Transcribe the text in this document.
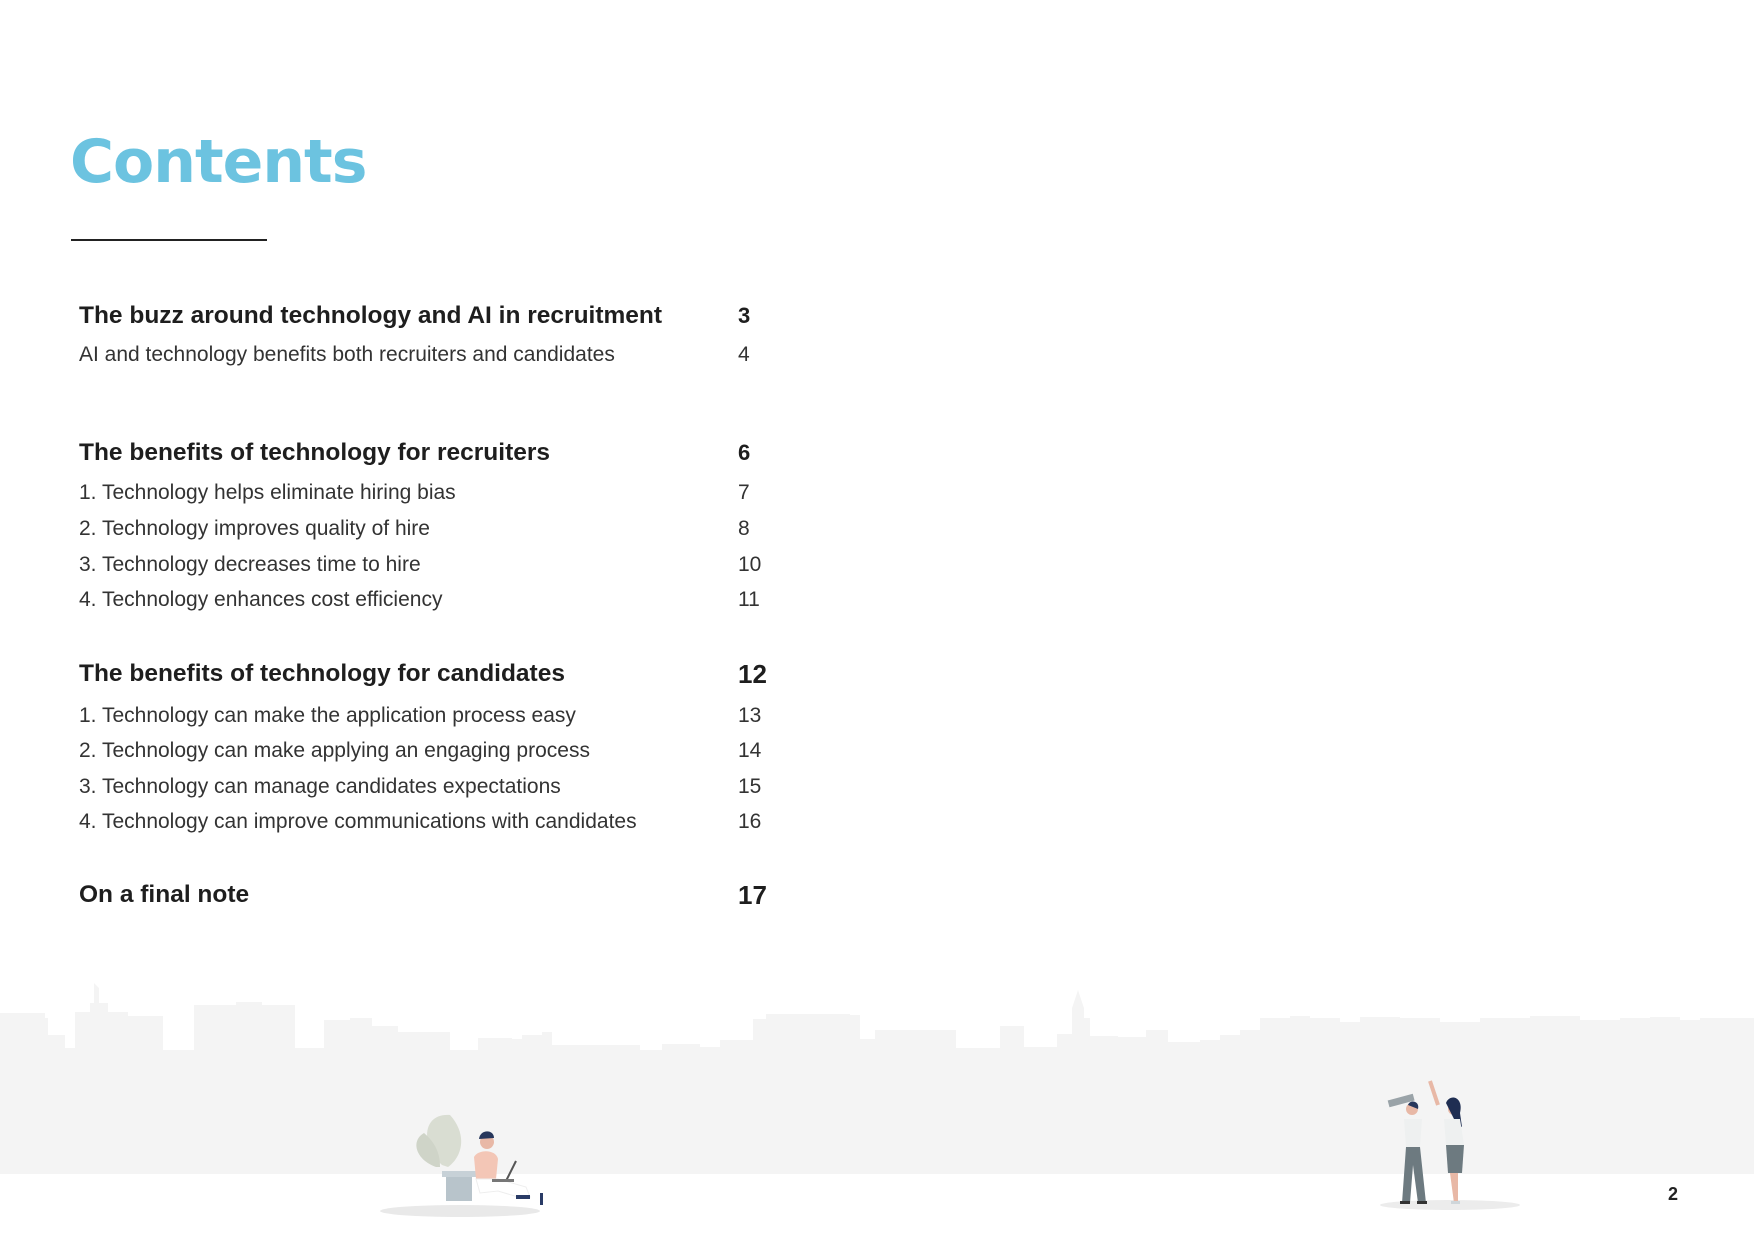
Contents
The buzz around technology and AI in recruitment	3
AI and technology benefits both recruiters and candidates	4
The benefits of technology for recruiters	6
1. Technology helps eliminate hiring bias	7
2. Technology improves quality of hire	8
3. Technology decreases time to hire	10
4. Technology enhances cost efficiency	11
The benefits of technology for candidates	12
1. Technology can make the application process easy	13
2. Technology can make applying an engaging process	14
3. Technology can manage candidates expectations	15
4. Technology can improve communications with candidates	16
On a final note	17
2
